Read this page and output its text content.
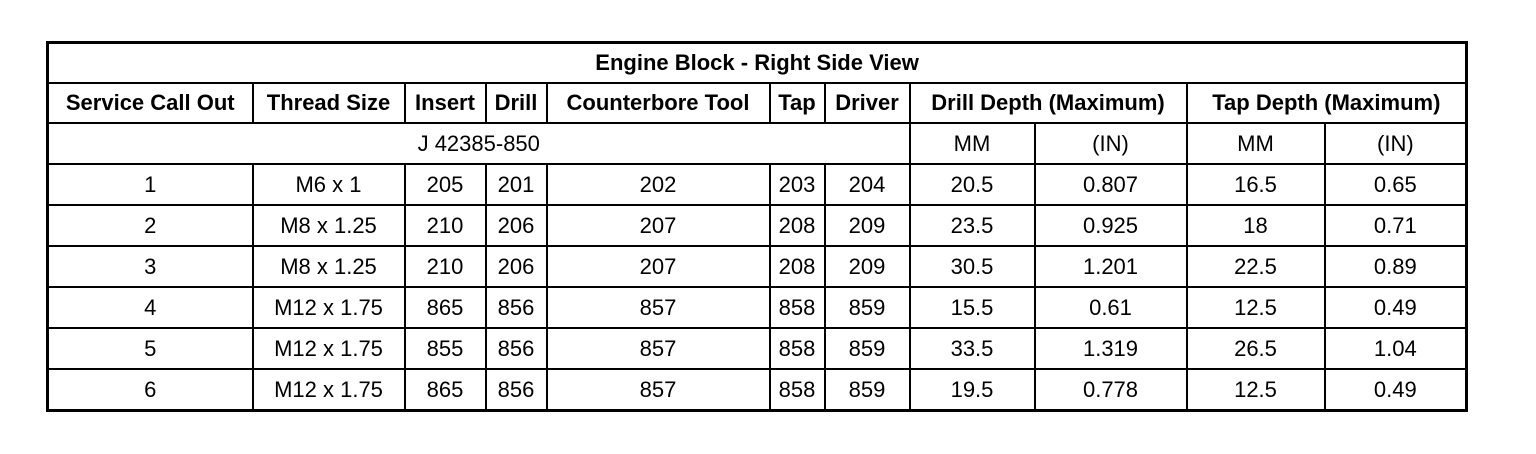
Engine Block - Right Side View										
Service Call Out	Thread Size	Insert	Drill	Counterbore Tool	Tap	Driver	Drill Depth (Maximum)		Tap Depth (Maximum)	
J 42385-850							MM	(IN)	MM	(IN)
1	M6 x 1	205	201	202	203	204	20.5	0.807	16.5	0.65
2	M8 x 1.25	210	206	207	208	209	23.5	0.925	18	0.71
3	M8 x 1.25	210	206	207	208	209	30.5	1.201	22.5	0.89
4	M12 x 1.75	865	856	857	858	859	15.5	0.61	12.5	0.49
5	M12 x 1.75	855	856	857	858	859	33.5	1.319	26.5	1.04
6	M12 x 1.75	865	856	857	858	859	19.5	0.778	12.5	0.49
